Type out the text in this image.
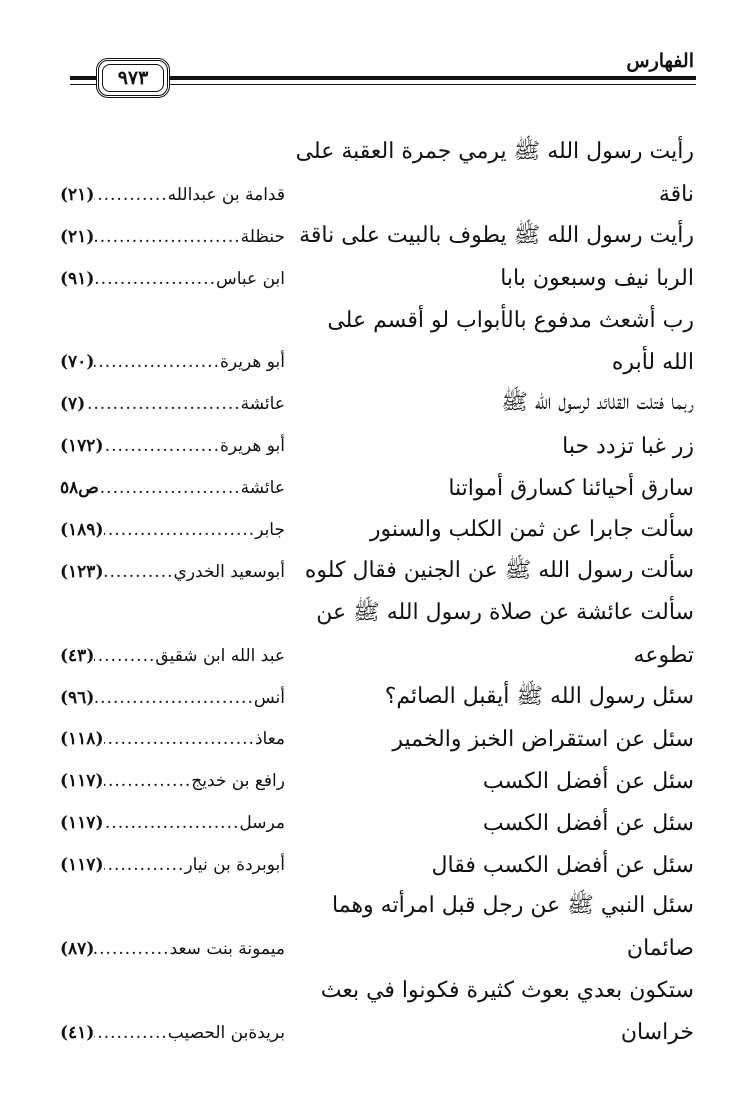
الفهارس
٩٧٣
رأيت رسول الله ﷺ يرمي جمرة العقبة على
ناقة
قدامة بن عبدالله
.....
(٢١)
رأيت رسول الله ﷺ يطوف بالبيت على ناقة
حنظلة
.....
(٢١)
الربا نيف وسبعون بابا
ابن عباس
.....
(٩١)
رب أشعث مدفوع بالأبواب لو أقسم على
الله لأبره
أبو هريرة
.....
(٧٠)
ربما فتلت القلائد لرسول الله ﷺ
عائشة
.....
(٧)
زر غبا تزدد حبا
أبو هريرة
.....
(١٧٢)
سارق أحيائنا كسارق أمواتنا
عائشة
.....
ص٥٨
سألت جابرا عن ثمن الكلب والسنور
جابر
.....
(١٨٩)
سألت رسول الله ﷺ عن الجنين فقال كلوه
أبوسعيد الخدري
.....
(١٢٣)
سألت عائشة عن صلاة رسول الله ﷺ عن
تطوعه
عبد الله ابن شقيق
.....
(٤٣)
سئل رسول الله ﷺ أيقبل الصائم؟
أنس
.....
(٩٦)
سئل عن استقراض الخبز والخمير
معاذ
.....
(١١٨)
سئل عن أفضل الكسب
رافع بن خديج
.....
(١١٧)
سئل عن أفضل الكسب
مرسل
.....
(١١٧)
سئل عن أفضل الكسب فقال
أبوبردة بن نيار
.....
(١١٧)
سئل النبي ﷺ عن رجل قبل امرأته وهما
صائمان
ميمونة بنت سعد
.....
(٨٧)
ستكون بعدي بعوث كثيرة فكونوا في بعث
خراسان
بريدةبن الحصيب
.....
(٤١)
